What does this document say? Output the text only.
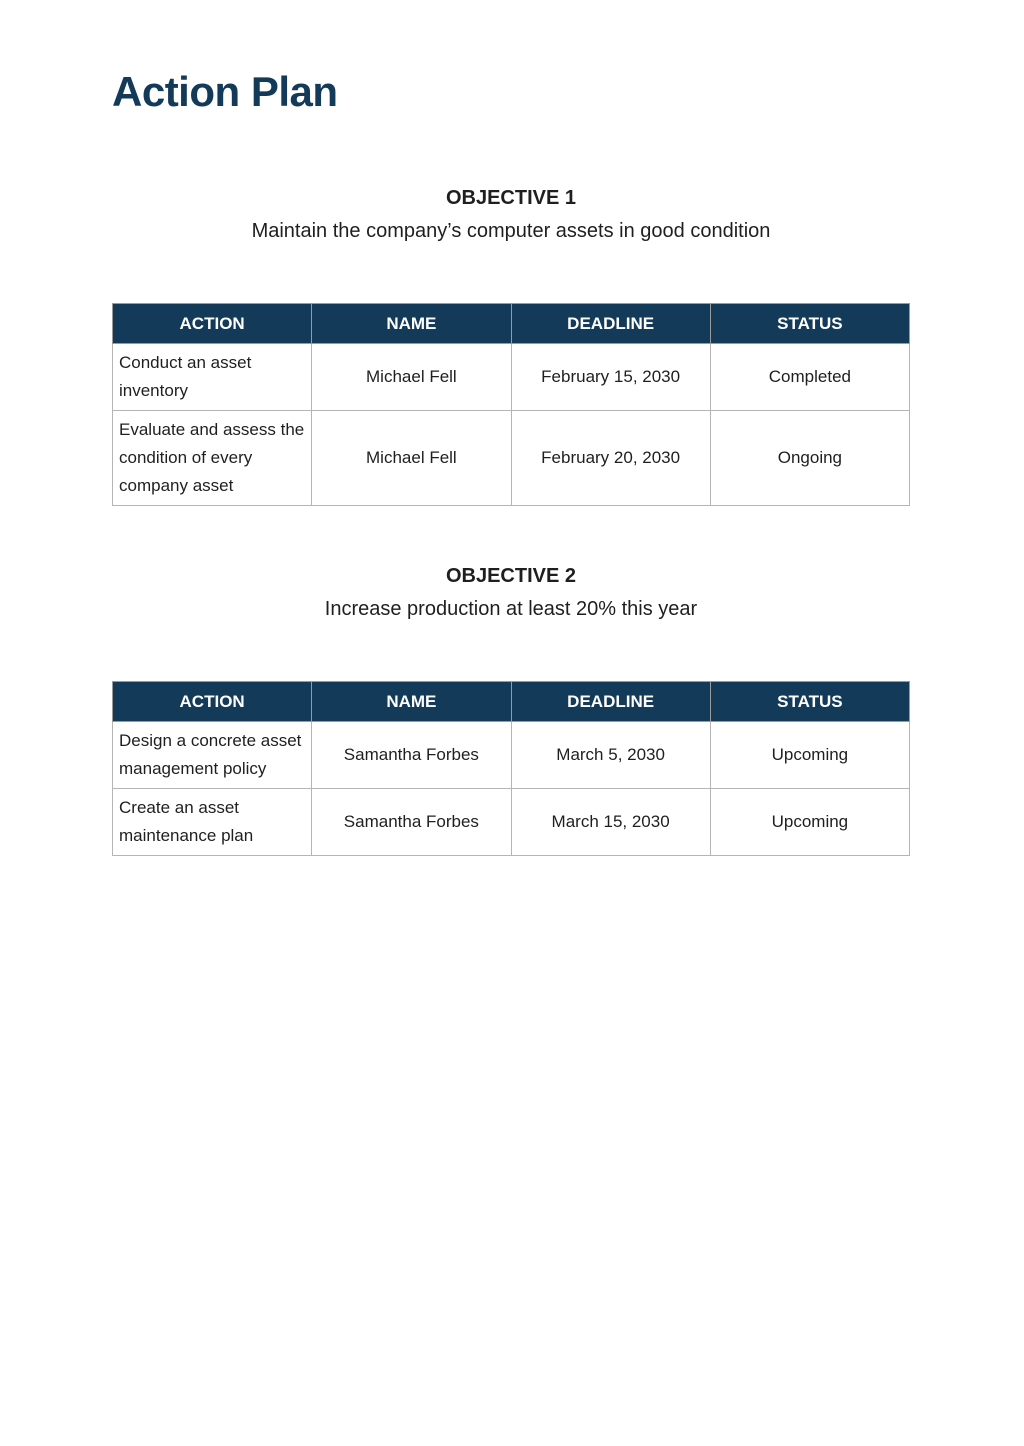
Action Plan
OBJECTIVE 1
Maintain the company’s computer assets in good condition
ACTION	NAME	DEADLINE	STATUS
Conduct an asset inventory	Michael Fell	February 15, 2030	Completed
Evaluate and assess the condition of every company asset	Michael Fell	February 20, 2030	Ongoing
OBJECTIVE 2
Increase production at least 20% this year
ACTION	NAME	DEADLINE	STATUS
Design a concrete asset management policy	Samantha Forbes	March 5, 2030	Upcoming
Create an asset maintenance plan	Samantha Forbes	March 15, 2030	Upcoming
